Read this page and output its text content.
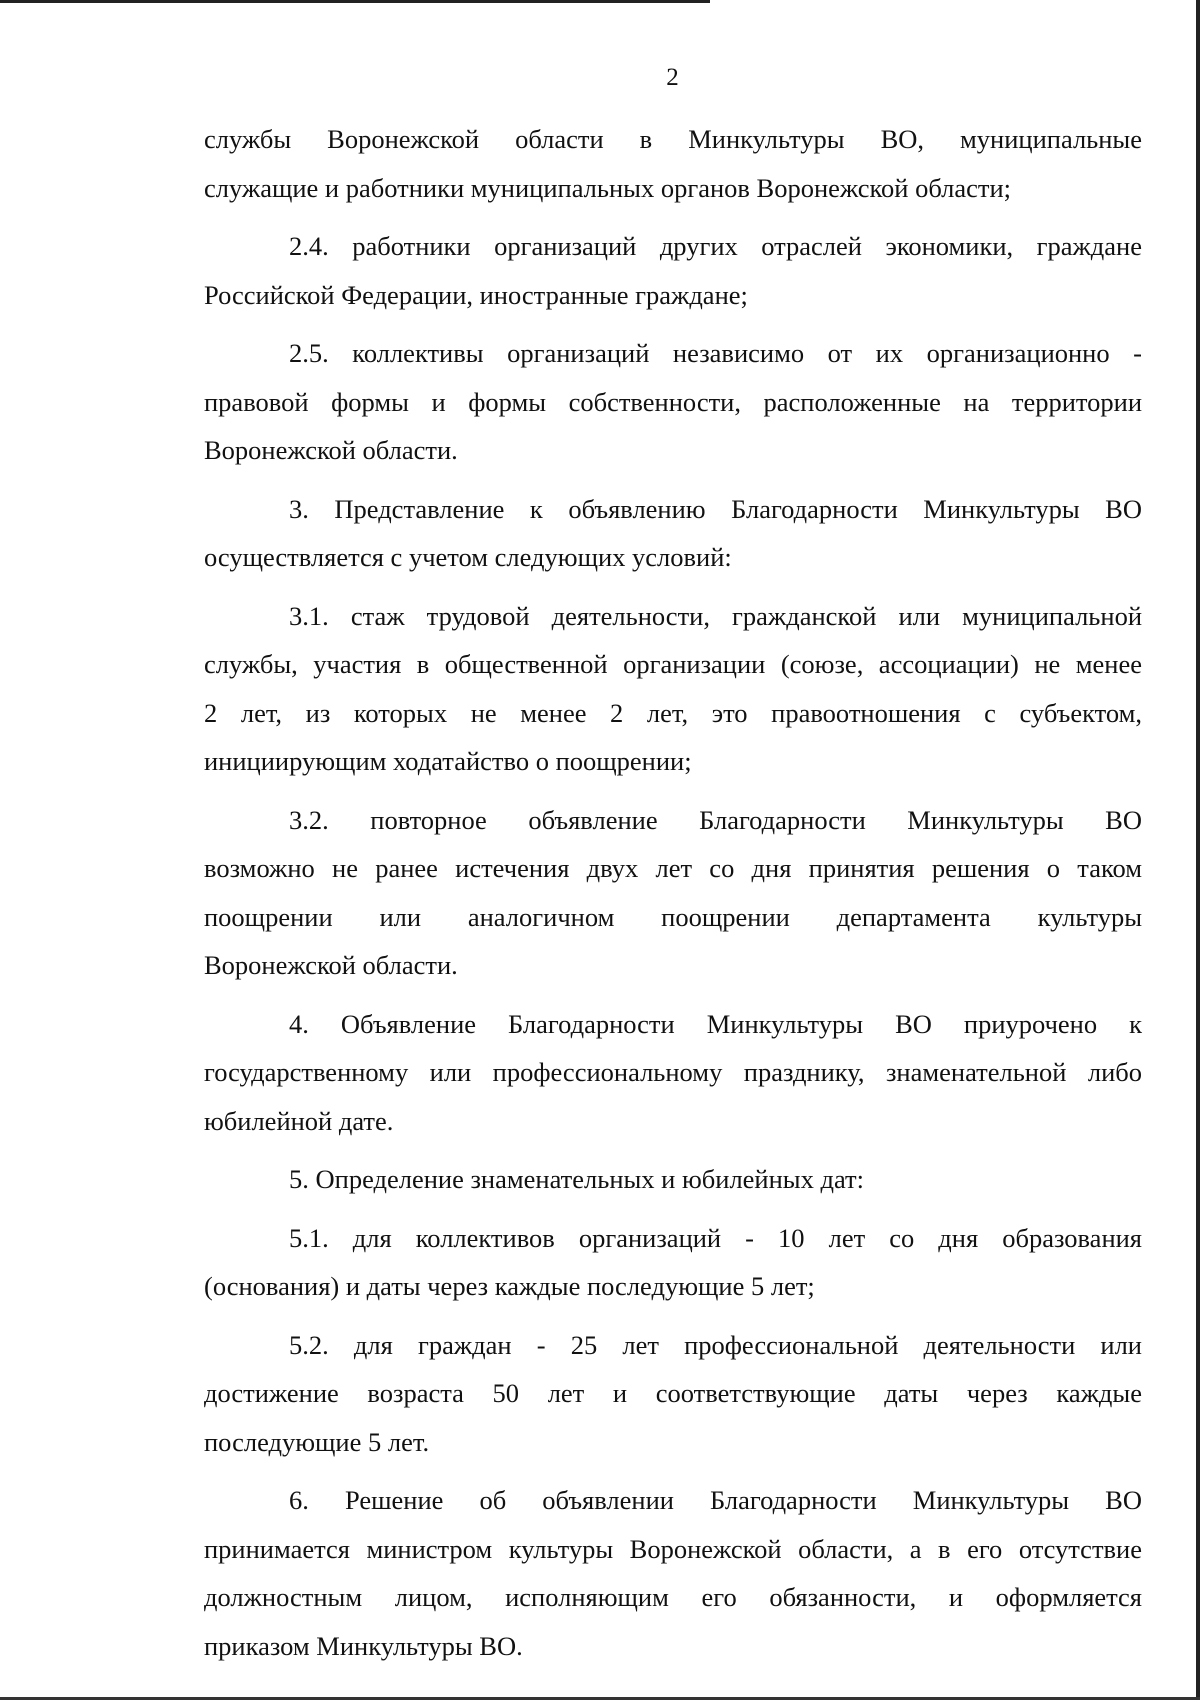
2

службы Воронежской области в Минкультуры ВО, муниципальные
служащие и работники муниципальных органов Воронежской области;

2.4. работники организаций других отраслей экономики, граждане
Российской Федерации, иностранные граждане;

2.5. коллективы организаций независимо от их организационно -
правовой формы и формы собственности, расположенные на территории
Воронежской области.

3. Представление к объявлению Благодарности Минкультуры ВО
осуществляется с учетом следующих условий:

3.1. стаж трудовой деятельности, гражданской или муниципальной
службы, участия в общественной организации (союзе, ассоциации) не менее
2 лет, из которых не менее 2 лет, это правоотношения с субъектом,
инициирующим ходатайство о поощрении;

3.2. повторное объявление Благодарности Минкультуры ВО
возможно не ранее истечения двух лет со дня принятия решения о таком
поощрении или аналогичном поощрении департамента культуры
Воронежской области.

4. Объявление Благодарности Минкультуры ВО приурочено к
государственному или профессиональному празднику, знаменательной либо
юбилейной дате.

5. Определение знаменательных и юбилейных дат:

5.1. для коллективов организаций - 10 лет со дня образования
(основания) и даты через каждые последующие 5 лет;

5.2. для граждан - 25 лет профессиональной деятельности или
достижение возраста 50 лет и соответствующие даты через каждые
последующие 5 лет.

6. Решение об объявлении Благодарности Минкультуры ВО
принимается министром культуры Воронежской области, а в его отсутствие
должностным лицом, исполняющим его обязанности, и оформляется
приказом Минкультуры ВО.
